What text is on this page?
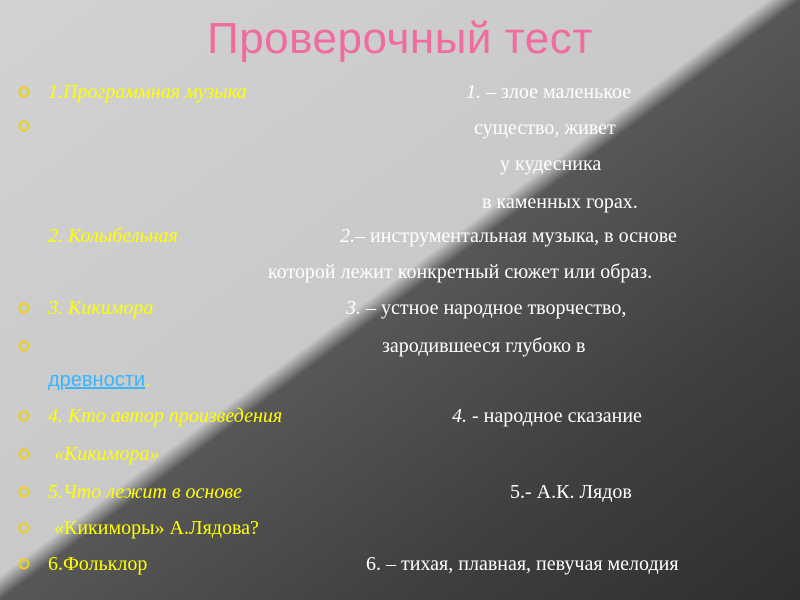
Проверочный тест
1.Программная музыка
2. Колыбельная
3. Кикимора
древности.
4. Кто автор произведения
«Кикимора»
5.Что лежит в основе
«Кикиморы» А.Лядова?
6.Фольклор
1. – злое маленькое
существо, живет
у кудесника
в каменных горах.
2.– инструментальная музыка, в основе
которой лежит конкретный сюжет или образ.
3. – устное народное творчество,
зародившееся глубоко в
4. - народное сказание
5.- А.К. Лядов
6. – тихая, плавная, певучая мелодия
